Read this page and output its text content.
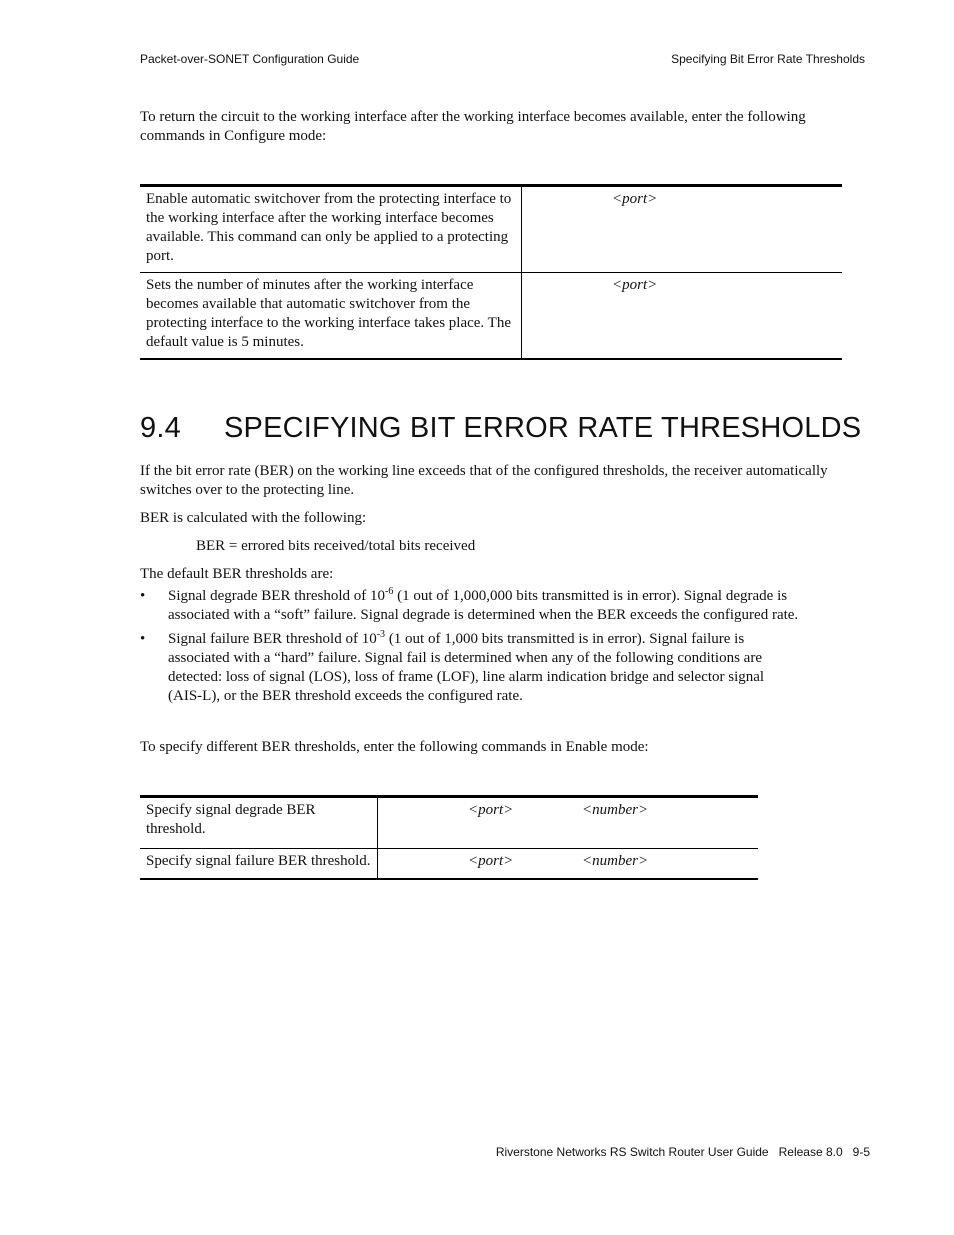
Packet-over-SONET Configuration Guide	Specifying Bit Error Rate Thresholds

To return the circuit to the working interface after the working interface becomes available, enter the following commands in Configure mode:

Enable automatic switchover from the protecting interface to the working interface after the working interface becomes available. This command can only be applied to a protecting port.	<port>
Sets the number of minutes after the working interface becomes available that automatic switchover from the protecting interface to the working interface takes place. The default value is 5 minutes.	<port>
9.4 SPECIFYING BIT ERROR RATE THRESHOLDS

If the bit error rate (BER) on the working line exceeds that of the configured thresholds, the receiver automatically switches over to the protecting line.

BER is calculated with the following:

BER = errored bits received/total bits received

The default BER thresholds are:

• Signal degrade BER threshold of $10^{-6}$ (1 out of 1,000,000 bits transmitted is in error). Signal degrade is associated with a “soft” failure. Signal degrade is determined when the BER exceeds the configured rate.
• Signal failure BER threshold of $10^{-3}$ (1 out of 1,000 bits transmitted is in error). Signal failure is associated with a “hard” failure. Signal fail is determined when any of the following conditions are detected: loss of signal (LOS), loss of frame (LOF), line alarm indication bridge and selector signal (AIS-L), or the BER threshold exceeds the configured rate.

To specify different BER thresholds, enter the following commands in Enable mode:

Specify signal degrade BER threshold.	<port> <number>
Specify signal failure BER threshold.	<port> <number>
Riverstone Networks RS Switch Router User Guide   Release 8.0   9-5
